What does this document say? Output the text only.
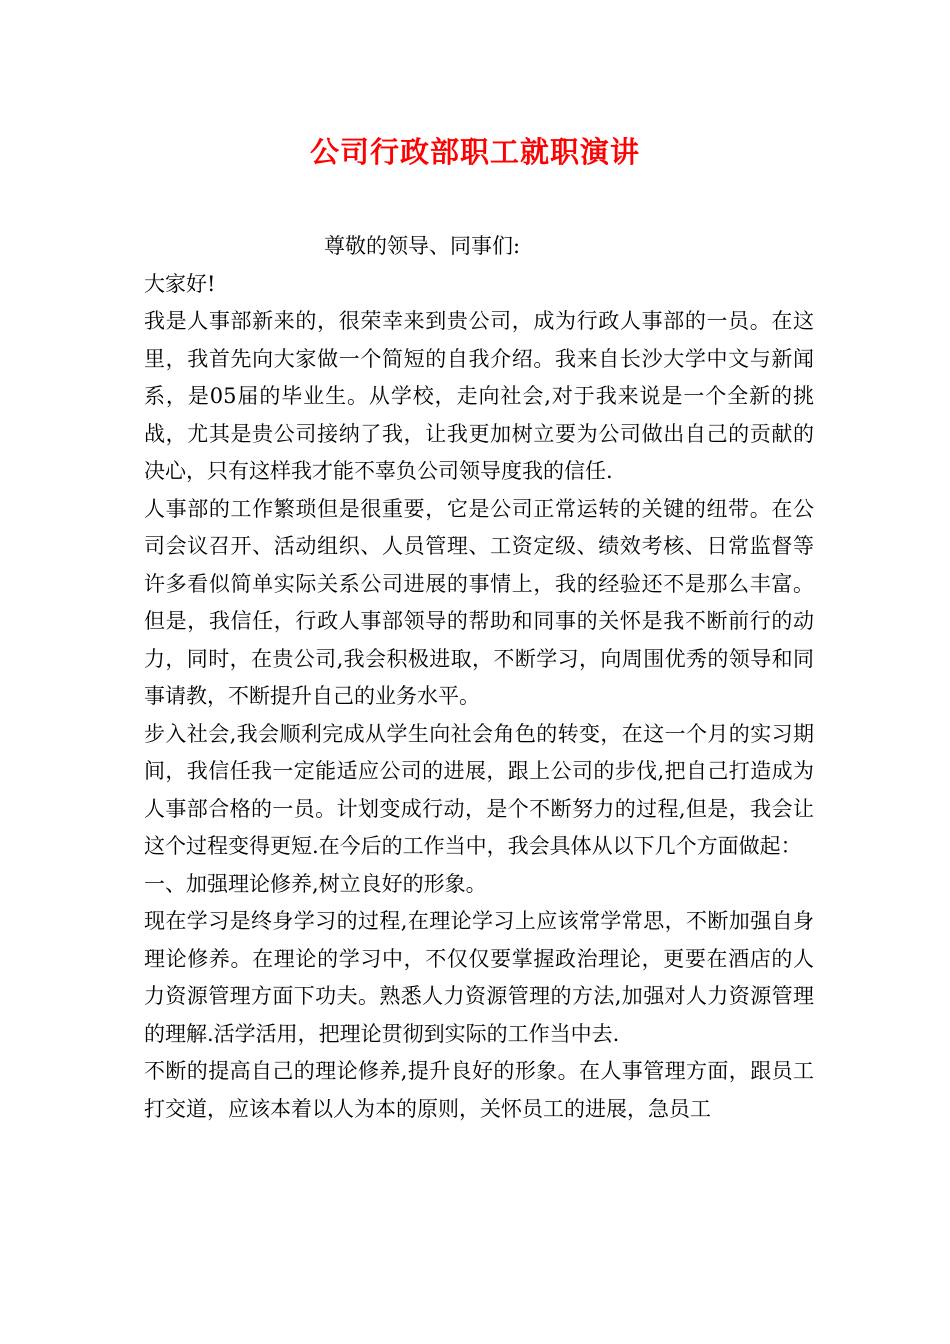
公司行政部职工就职演讲

尊敬的领导、同事们:

大家好!

我是人事部新来的，很荣幸来到贵公司，成为行政人事部的一员。在这里，我首先向大家做一个简短的自我介绍。我来自长沙大学中文与新闻系，是05届的毕业生。从学校，走向社会,对于我来说是一个全新的挑战，尤其是贵公司接纳了我，让我更加树立要为公司做出自己的贡献的决心，只有这样我才能不辜负公司领导度我的信任.

人事部的工作繁琐但是很重要，它是公司正常运转的关键的纽带。在公司会议召开、活动组织、人员管理、工资定级、绩效考核、日常监督等许多看似简单实际关系公司进展的事情上，我的经验还不是那么丰富。但是，我信任，行政人事部领导的帮助和同事的关怀是我不断前行的动力，同时，在贵公司,我会积极进取，不断学习，向周围优秀的领导和同事请教，不断提升自己的业务水平。

步入社会,我会顺利完成从学生向社会角色的转变，在这一个月的实习期间，我信任我一定能适应公司的进展，跟上公司的步伐,把自己打造成为人事部合格的一员。计划变成行动，是个不断努力的过程,但是，我会让这个过程变得更短.在今后的工作当中，我会具体从以下几个方面做起：

一、加强理论修养,树立良好的形象。

现在学习是终身学习的过程,在理论学习上应该常学常思，不断加强自身理论修养。在理论的学习中，不仅仅要掌握政治理论，更要在酒店的人力资源管理方面下功夫。熟悉人力资源管理的方法,加强对人力资源管理的理解.活学活用，把理论贯彻到实际的工作当中去.

不断的提高自己的理论修养,提升良好的形象。在人事管理方面，跟员工打交道，应该本着以人为本的原则，关怀员工的进展，急员工
